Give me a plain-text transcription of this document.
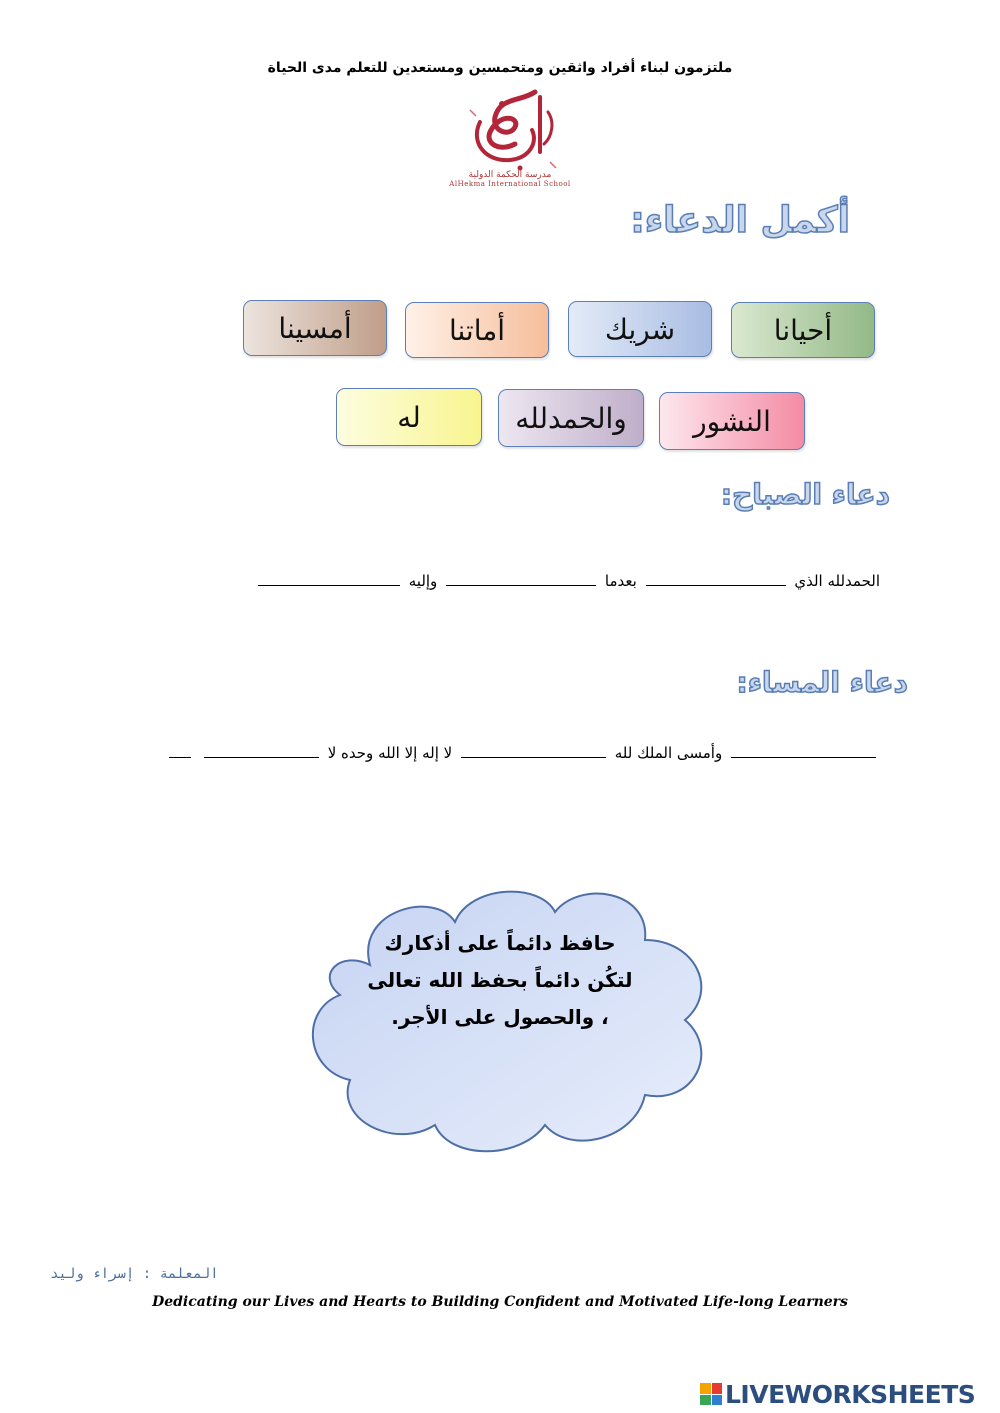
ملتزمون لبناء أفراد واثقين ومتحمسين ومستعدين للتعلم مدى الحياة
مدرسة الحكمة الدولية
AlHekma International School
أكمل الدعاء:
أحيانا
شريك
أماتنا
أمسينا
النشور
والحمدلله
له
دعاء الصباح:
الحمدلله الذي  بعدما  وإليه
دعاء المساء:
وأمسى الملك لله  لا إله إلا الله وحده لا
حافظ دائماً على أذكارك لتكُن دائماً بحفظ الله تعالى ، والحصول على الأجر.
المعلمة : إسراء وليد
Dedicating our Lives and Hearts to Building Confident and Motivated Life-long Learners
LIVEWORKSHEETS
